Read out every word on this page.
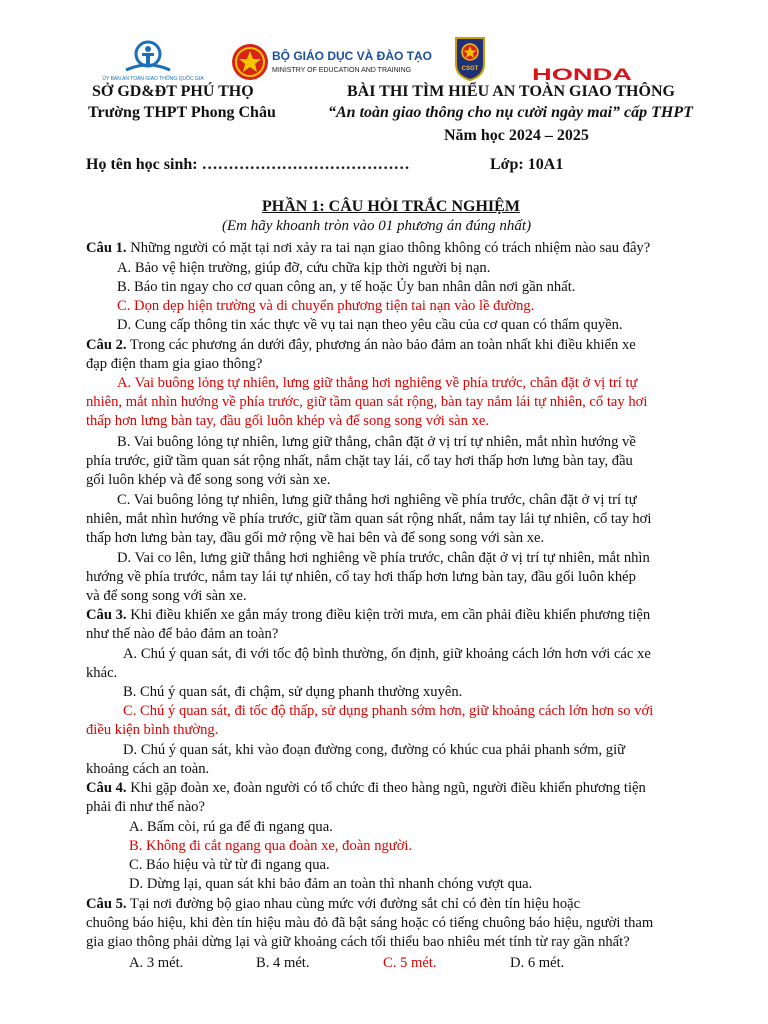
ỦY BAN AN TOÀN GIAO THÔNG QUỐC GIA
BỘ GIÁO DỤC VÀ ĐÀO TẠO
MINISTRY OF EDUCATION AND TRAINING	CSGT	HONDA
SỞ GD&ĐT PHÚ THỌ
Trường THPT Phong Châu
BÀI THI TÌM HIỂU AN TOÀN GIAO THÔNG
“An toàn giao thông cho nụ cười ngày mai” cấp THPT
Năm học 2024 – 2025
Họ tên học sinh: …………………………………	Lớp: 10A1
PHẦN 1: CÂU HỎI TRẮC NGHIỆM
(Em hãy khoanh tròn vào 01 phương án đúng nhất)
Câu 1. Những người có mặt tại nơi xảy ra tai nạn giao thông không có trách nhiệm nào sau đây?
A. Bảo vệ hiện trường, giúp đỡ, cứu chữa kịp thời người bị nạn.
B. Báo tin ngay cho cơ quan công an, y tế hoặc Ủy ban nhân dân nơi gần nhất.
C. Dọn dẹp hiện trường và di chuyển phương tiện tai nạn vào lề đường.
D. Cung cấp thông tin xác thực về vụ tai nạn theo yêu cầu của cơ quan có thẩm quyền.
Câu 2. Trong các phương án dưới đây, phương án nào bảo đảm an toàn nhất khi điều khiển xe
đạp điện tham gia giao thông?
A. Vai buông lỏng tự nhiên, lưng giữ thẳng hơi nghiêng về phía trước, chân đặt ở vị trí tự
nhiên, mắt nhìn hướng về phía trước, giữ tầm quan sát rộng, bàn tay nắm lái tự nhiên, cổ tay hơi
thấp hơn lưng bàn tay, đầu gối luôn khép và để song song với sàn xe.
B. Vai buông lỏng tự nhiên, lưng giữ thẳng, chân đặt ở vị trí tự nhiên, mắt nhìn hướng về
phía trước, giữ tầm quan sát rộng nhất, nắm chặt tay lái, cổ tay hơi thấp hơn lưng bàn tay, đầu
gối luôn khép và để song song với sàn xe.
C. Vai buông lỏng tự nhiên, lưng giữ thẳng hơi nghiêng về phía trước, chân đặt ở vị trí tự
nhiên, mắt nhìn hướng về phía trước, giữ tầm quan sát rộng nhất, nắm tay lái tự nhiên, cổ tay hơi
thấp hơn lưng bàn tay, đầu gối mở rộng về hai bên và để song song với sàn xe.
D. Vai co lên, lưng giữ thẳng hơi nghiêng về phía trước, chân đặt ở vị trí tự nhiên, mắt nhìn
hướng về phía trước, nắm tay lái tự nhiên, cổ tay hơi thấp hơn lưng bàn tay, đầu gối luôn khép
và để song song với sàn xe.
Câu 3. Khi điều khiển xe gắn máy trong điều kiện trời mưa, em cần phải điều khiển phương tiện
như thế nào để bảo đảm an toàn?
A. Chú ý quan sát, đi với tốc độ bình thường, ổn định, giữ khoảng cách lớn hơn với các xe
khác.
B. Chú ý quan sát, đi chậm, sử dụng phanh thường xuyên.
C. Chú ý quan sát, đi tốc độ thấp, sử dụng phanh sớm hơn, giữ khoảng cách lớn hơn so với
điều kiện bình thường.
D. Chú ý quan sát, khi vào đoạn đường cong, đường có khúc cua phải phanh sớm, giữ
khoảng cách an toàn.
Câu 4. Khi gặp đoàn xe, đoàn người có tổ chức đi theo hàng ngũ, người điều khiển phương tiện
phải đi như thế nào?
A. Bấm còi, rú ga để đi ngang qua.
B. Không đi cắt ngang qua đoàn xe, đoàn người.
C. Báo hiệu và từ từ đi ngang qua.
D. Dừng lại, quan sát khi bảo đảm an toàn thì nhanh chóng vượt qua.
Câu 5. Tại nơi đường bộ giao nhau cùng mức với đường sắt chỉ có đèn tín hiệu hoặc
chuông báo hiệu, khi đèn tín hiệu màu đỏ đã bật sáng hoặc có tiếng chuông báo hiệu, người tham
gia giao thông phải dừng lại và giữ khoảng cách tối thiểu bao nhiêu mét tính từ ray gần nhất?
A. 3 mét.	B. 4 mét.	C. 5 mét.	D. 6 mét.
